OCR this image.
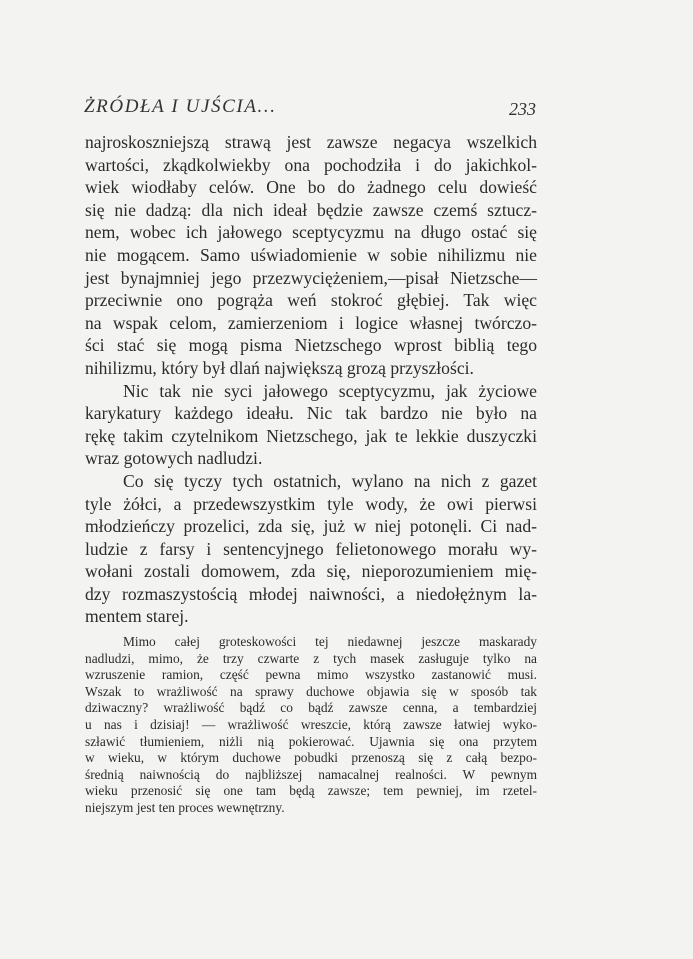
ŻRÓDŁA I UJŚCIA...	233
najroskoszniejszą strawą jest zawsze negacya wszelkich
wartości, zkądkolwiekby ona pochodziła i do jakichkol-
wiek wiodłaby celów. One bo do żadnego celu dowieść
się nie dadzą: dla nich ideał będzie zawsze czemś sztucz-
nem, wobec ich jałowego sceptycyzmu na długo ostać się
nie mogącem. Samo uświadomienie w sobie nihilizmu nie
jest bynajmniej jego przezwyciężeniem,—pisał Nietzsche—
przeciwnie ono pogrąża weń stokroć głębiej. Tak więc
na wspak celom, zamierzeniom i logice własnej twórczo-
ści stać się mogą pisma Nietzschego wprost biblią tego
nihilizmu, który był dlań największą grozą przyszłości.
Nic tak nie syci jałowego sceptycyzmu, jak życiowe
karykatury każdego ideału. Nic tak bardzo nie było na
rękę takim czytelnikom Nietzschego, jak te lekkie duszyczki
wraz gotowych nadludzi.
Co się tyczy tych ostatnich, wylano na nich z gazet
tyle żółci, a przedewszystkim tyle wody, że owi pierwsi
młodzieńczy prozelici, zda się, już w niej potonęli. Ci nad-
ludzie z farsy i sentencyjnego felietonowego morału wy-
wołani zostali domowem, zda się, nieporozumieniem mię-
dzy rozmaszystością młodej naiwności, a niedołężnym la-
mentem starej.
Mimo całej groteskowości tej niedawnej jeszcze maskarady
nadludzi, mimo, że trzy czwarte z tych masek zasługuje tylko na
wzruszenie ramion, część pewna mimo wszystko zastanowić musi.
Wszak to wrażliwość na sprawy duchowe objawia się w sposób tak
dziwaczny? wrażliwość bądź co bądź zawsze cenna, a tembardziej
u nas i dzisiaj! — wrażliwość wreszcie, którą zawsze łatwiej wyko-
szławić tłumieniem, niżli nią pokierować. Ujawnia się ona przytem
w wieku, w którym duchowe pobudki przenoszą się z całą bezpo-
średnią naiwnością do najbliższej namacalnej realności. W pewnym
wieku przenosić się one tam będą zawsze; tem pewniej, im rzetel-
niejszym jest ten proces wewnętrzny.
